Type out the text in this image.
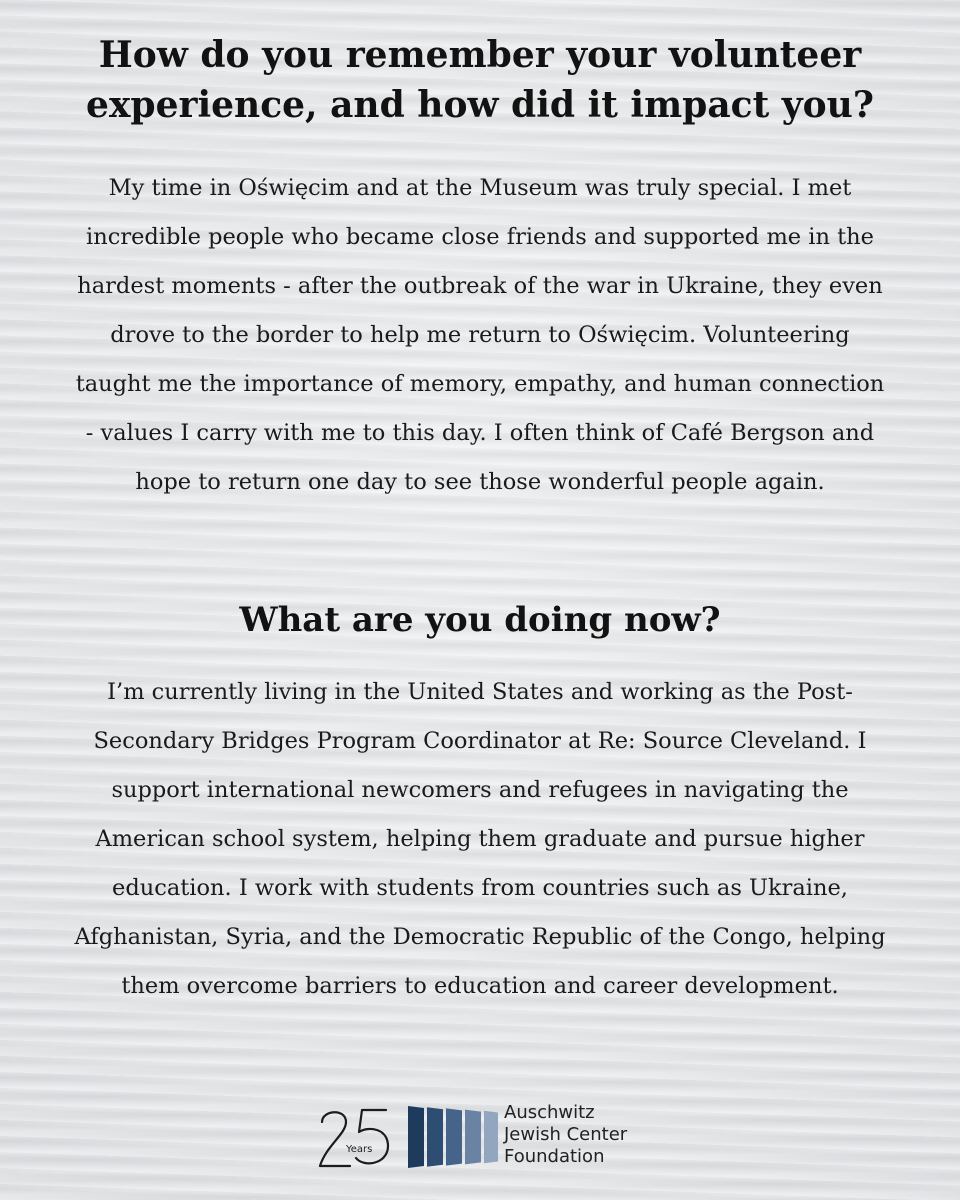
How do you remember your volunteer experience, and how did it impact you?

My time in Oświęcim and at the Museum was truly special. I met incredible people who became close friends and supported me in the hardest moments - after the outbreak of the war in Ukraine, they even drove to the border to help me return to Oświęcim. Volunteering taught me the importance of memory, empathy, and human connection - values I carry with me to this day. I often think of Café Bergson and hope to return one day to see those wonderful people again.

What are you doing now?

I’m currently living in the United States and working as the Post-Secondary Bridges Program Coordinator at Re: Source Cleveland. I support international newcomers and refugees in navigating the American school system, helping them graduate and pursue higher education. I work with students from countries such as Ukraine, Afghanistan, Syria, and the Democratic Republic of the Congo, helping them overcome barriers to education and career development.

Years
Auschwitz
Jewish Center
Foundation
